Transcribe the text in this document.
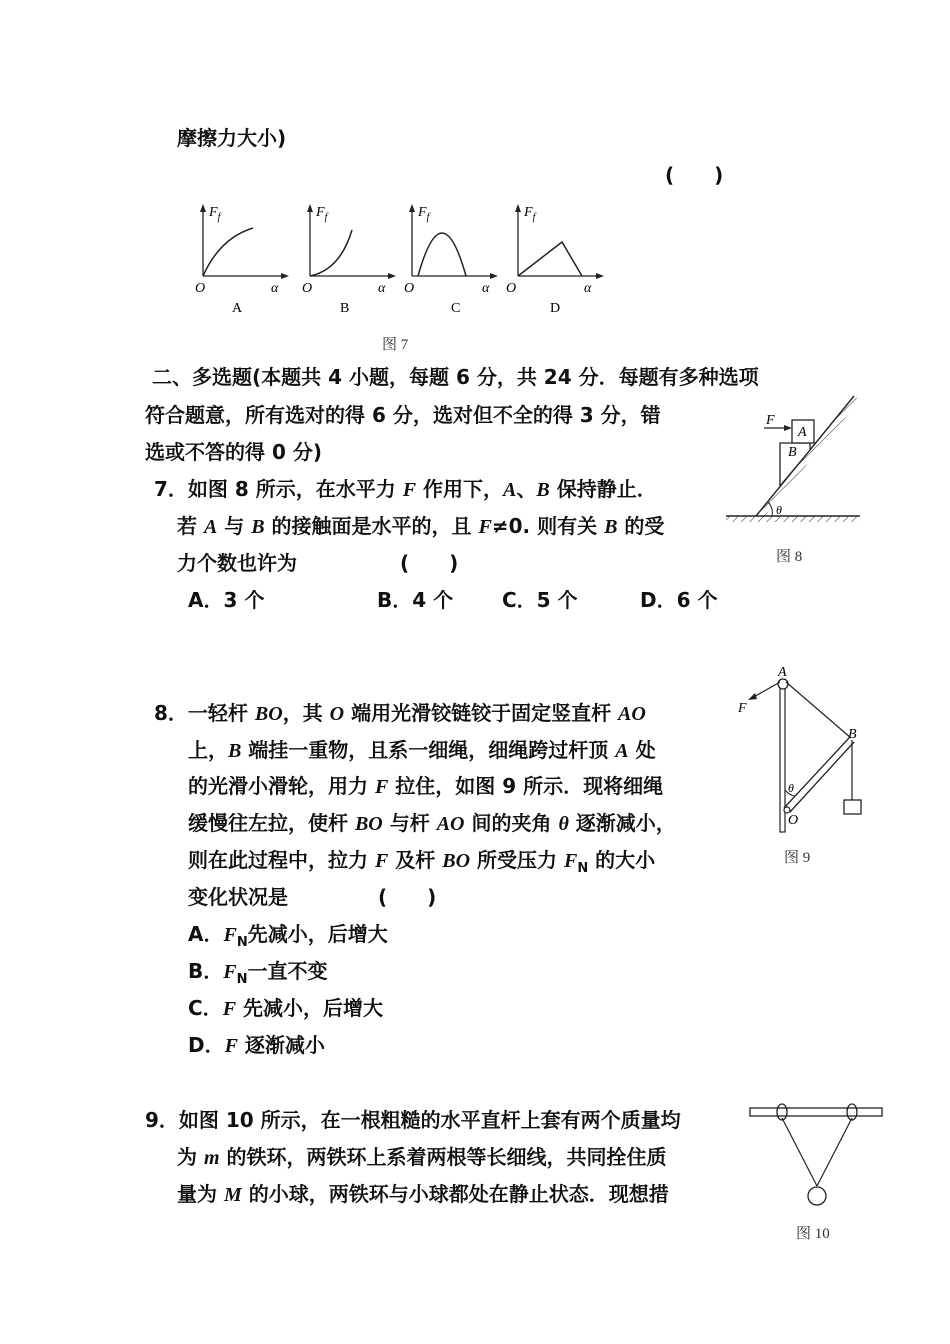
摩擦力大小)
(　　)
$F_f$
O	α
A
$F_f$
O	α
B
$F_f$
O	α
C
$F_f$
O	α
D
图 7
二、多选题(本题共 4 小题，每题 6 分，共 24 分．每题有多种选项
符合题意，所有选对的得 6 分，选对但不全的得 3 分，错
选或不答的得 0 分)
F
A
B
θ
图 8
7．如图 8 所示，在水平力 F 作用下，A、B 保持静止．
若 A 与 B 的接触面是水平的，且 F≠0. 则有关 B 的受
力个数也许为	(　　)
A．3 个	B．4 个 C．5 个	D．6 个
A
B
F
θ
O
图 9
8．一轻杆 BO，其 O 端用光滑铰链铰于固定竖直杆 AO
上，B 端挂一重物，且系一细绳，细绳跨过杆顶 A 处
的光滑小滑轮，用力 F 拉住，如图 9 所示．现将细绳
缓慢往左拉，使杆 BO 与杆 AO 间的夹角 θ 逐渐减小，
则在此过程中，拉力 F 及杆 BO 所受压力 $F_N$ 的大小
变化状况是	(　　)
A．$F_N$先减小，后增大
B．$F_N$一直不变
C．F 先减小，后增大
D．F 逐渐减小
图 10
9．如图 10 所示，在一根粗糙的水平直杆上套有两个质量均
为 m 的铁环，两铁环上系着两根等长细线，共同拴住质
量为 M 的小球，两铁环与小球都处在静止状态．现想措
